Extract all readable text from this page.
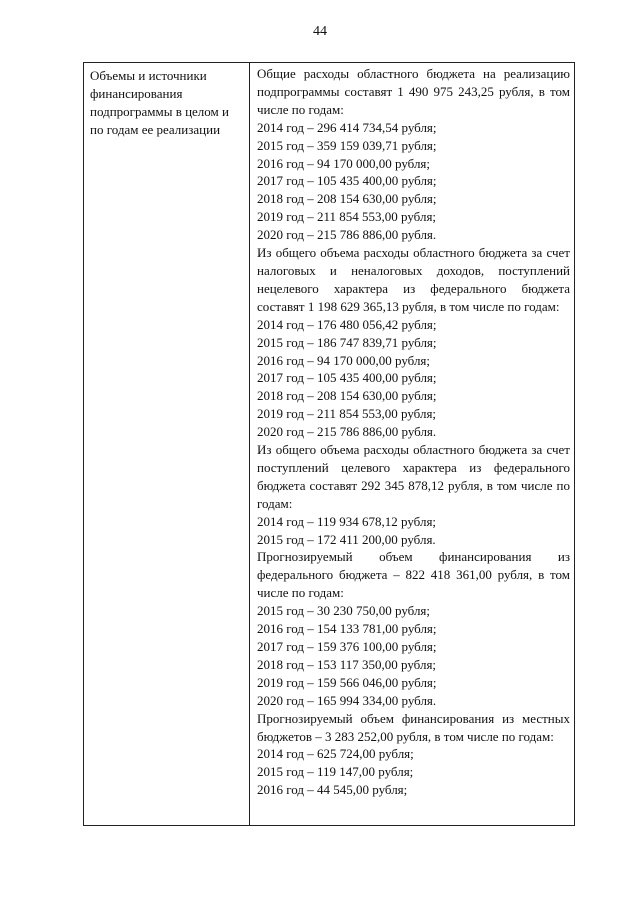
44
Объемы и источники финансирования подпрограммы в целом и по годам ее реализации
Общие расходы областного бюджета на реализацию подпрограммы составят 1 490 975 243,25 рубля, в том числе по годам:
2014 год – 296 414 734,54 рубля;
2015 год – 359 159 039,71 рубля;
2016 год – 94 170 000,00 рубля;
2017 год – 105 435 400,00 рубля;
2018 год – 208 154 630,00 рубля;
2019 год – 211 854 553,00 рубля;
2020 год – 215 786 886,00 рубля.
Из общего объема расходы областного бюджета за счет налоговых и неналоговых доходов, поступлений нецелевого характера из федерального бюджета составят 1 198 629 365,13 рубля, в том числе по годам:
2014 год – 176 480 056,42 рубля;
2015 год – 186 747 839,71 рубля;
2016 год – 94 170 000,00 рубля;
2017 год – 105 435 400,00 рубля;
2018 год – 208 154 630,00 рубля;
2019 год – 211 854 553,00 рубля;
2020 год – 215 786 886,00 рубля.
Из общего объема расходы областного бюджета за счет поступлений целевого характера из федерального бюджета составят 292 345 878,12 рубля, в том числе по годам:
2014 год – 119 934 678,12 рубля;
2015 год – 172 411 200,00 рубля.
Прогнозируемый объем финансирования из федерального бюджета – 822 418 361,00 рубля, в том числе по годам:
2015 год – 30 230 750,00 рубля;
2016 год – 154 133 781,00 рубля;
2017 год – 159 376 100,00 рубля;
2018 год – 153 117 350,00 рубля;
2019 год – 159 566 046,00 рубля;
2020 год – 165 994 334,00 рубля.
Прогнозируемый объем финансирования из местных бюджетов – 3 283 252,00 рубля, в том числе по годам:
2014 год – 625 724,00 рубля;
2015 год – 119 147,00 рубля;
2016 год – 44 545,00 рубля;
